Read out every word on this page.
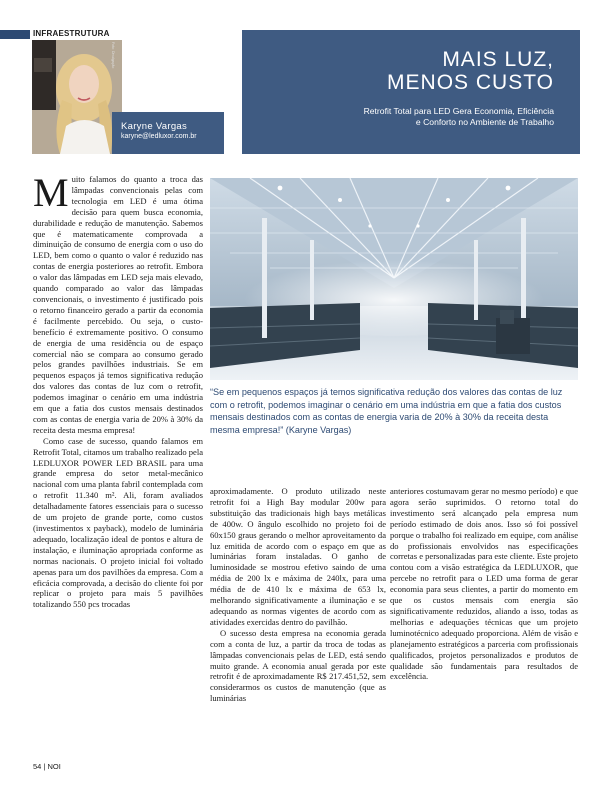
INFRAESTRUTURA
Foto: Divulgação
Karyne Vargas
karyne@ledluxor.com.br
MAIS LUZ,
MENOS CUSTO
Retrofit Total para LED Gera Economia, Eficiência
e Conforto no Ambiente de Trabalho

Muito falamos do quanto a troca das lâmpadas convencionais pelas com tecnologia em LED é uma ótima decisão para quem busca economia, durabilidade e redução de manutenção. Sabemos que é matematicamente comprovada a diminuição de consumo de energia com o uso do LED, bem como o quanto o valor é reduzido nas contas de energia posteriores ao retrofit. Embora o valor das lâmpadas em LED seja mais elevado, quando comparado ao valor das lâmpadas convencionais, o investimento é justificado pois o retorno financeiro gerado a partir da economia é facilmente percebido. Ou seja, o custo-benefício é extremamente positivo. O consumo de energia de uma residência ou de espaço comercial não se compara ao consumo gerado pelos grandes pavilhões industriais. Se em pequenos espaços já temos significativa redução dos valores das contas de luz com o retrofit, podemos imaginar o cenário em uma indústria em que a fatia dos custos mensais destinados com as contas de energia varia de 20% à 30% da receita desta mesma empresa!

Como case de sucesso, quando falamos em Retrofit Total, citamos um trabalho realizado pela LEDLUXOR POWER LED BRASIL para uma grande empresa do setor metal-mecânico nacional com uma planta fabril contemplada com o retrofit 11.340 m². Ali, foram avaliados detalhadamente fatores essenciais para o sucesso de um projeto de grande porte, como custos (investimentos x payback), modelo de luminária adequado, localização ideal de pontos e altura de instalação, e iluminação apropriada conforme as normas nacionais. O projeto inicial foi voltado apenas para um dos pavilhões da empresa. Com a eficácia comprovada, a decisão do cliente foi por replicar o projeto para mais 5 pavilhões totalizando 550 pcs trocadas

“Se em pequenos espaços já temos significativa redução dos valores das contas de luz com o retrofit, podemos imaginar o cenário em uma indústria em que a fatia dos custos mensais destinados com as contas de energia varia de 20% à 30% da receita desta mesma empresa!” (Karyne Vargas)

aproximadamente. O produto utilizado neste retrofit foi a High Bay modular 200w para substituição das tradicionais high bays metálicas de 400w. O ângulo escolhido no projeto foi de 60x150 graus gerando o melhor aproveitamento da luz emitida de acordo com o espaço em que as luminárias foram instaladas. O ganho de luminosidade se mostrou efetivo saindo de uma média de 200 lx e máxima de 240lx, para uma média de de 410 lx e máxima de 653 lx, melhorando significativamente a iluminação e se adequando as normas vigentes de acordo com as atividades exercidas dentro do pavilhão.

O sucesso desta empresa na economia gerada com a conta de luz, a partir da troca de todas as lâmpadas convencionais pelas de LED, está sendo muito grande. A economia anual gerada por este retrofit é de aproximadamente R$ 217.451,52, sem considerarmos os custos de manutenção (que as luminárias

anteriores costumavam gerar no mesmo período) e que agora serão suprimidos. O retorno total do investimento será alcançado pela empresa num período estimado de dois anos. Isso só foi possível porque o trabalho foi realizado em equipe, com análise do profissionais envolvidos nas especificações corretas e personalizadas para este cliente. Este projeto contou com a visão estratégica da LEDLUXOR, que percebe no retrofit para o LED uma forma de gerar economia para seus clientes, a partir do momento em que os custos mensais com energia são significativamente reduzidos, aliando a isso, todas as melhorias e adequações técnicas que um projeto luminotécnico adequado proporciona. Além de visão e planejamento estratégicos a parceria com profissionais qualificados, projetos personalizados e produtos de qualidade são fundamentais para resultados de excelência.

54 | NOI
